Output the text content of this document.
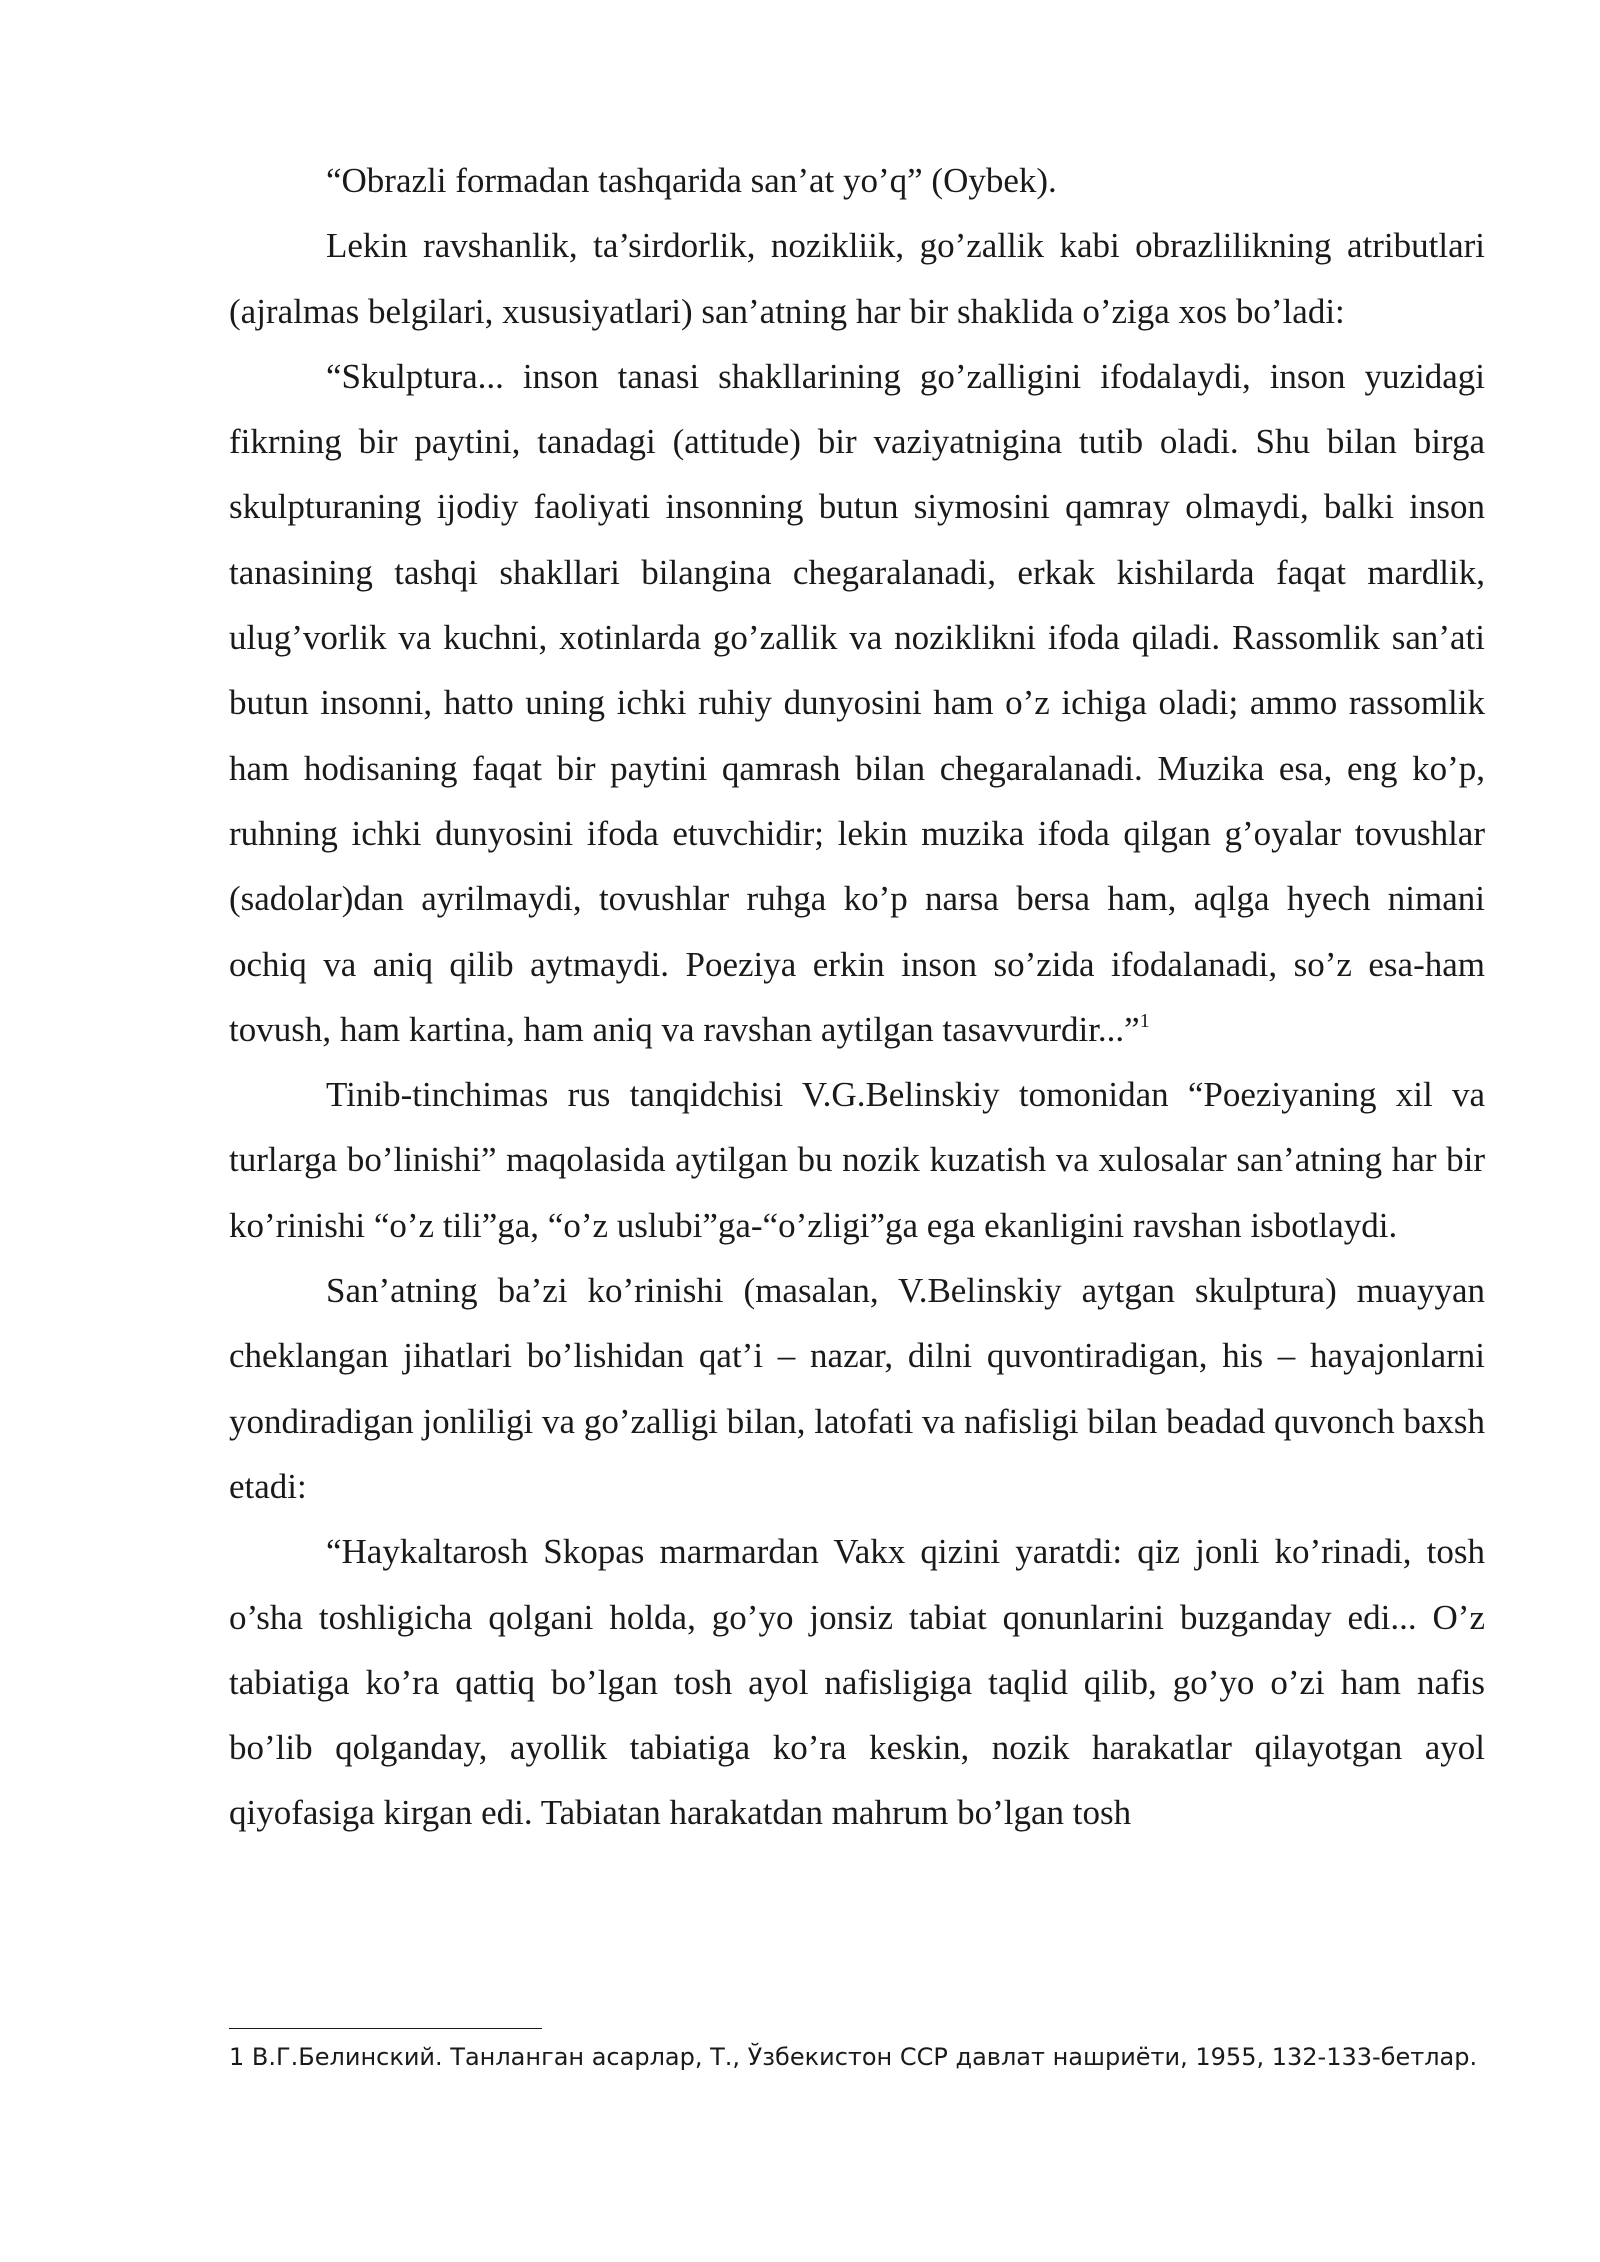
“Obrazli formadan tashqarida san’at yo’q” (Oybek).

Lekin ravshanlik, ta’sirdorlik, nozikliik, go’zallik kabi obrazlilikning atributlari (ajralmas belgilari, xususiyatlari) san’atning har bir shaklida o’ziga xos bo’ladi:

“Skulptura... inson tanasi shakllarining go’zalligini ifodalaydi, inson yuzidagi fikrning bir paytini, tanadagi (attitude) bir vaziyatnigina tutib oladi. Shu bilan birga skulpturaning ijodiy faoliyati insonning butun siymosini qamray olmaydi, balki inson tanasining tashqi shakllari bilangina chegaralanadi, erkak kishilarda faqat mardlik, ulug’vorlik va kuchni, xotinlarda go’zallik va noziklikni ifoda qiladi. Rassomlik san’ati butun insonni, hatto uning ichki ruhiy dunyosini ham o’z ichiga oladi; ammo rassomlik ham hodisaning faqat bir paytini qamrash bilan chegaralanadi. Muzika esa, eng ko’p, ruhning ichki dunyosini ifoda etuvchidir; lekin muzika ifoda qilgan g’oyalar tovushlar (sadolar)dan ayrilmaydi, tovushlar ruhga ko’p narsa bersa ham, aqlga hyech nimani ochiq va aniq qilib aytmaydi. Poeziya erkin inson so’zida ifodalanadi, so’z esa-ham tovush, ham kartina, ham aniq va ravshan aytilgan tasavvurdir...”$^1$

Tinib-tinchimas rus tanqidchisi V.G.Belinskiy tomonidan “Poeziyaning xil va turlarga bo’linishi” maqolasida aytilgan bu nozik kuzatish va xulosalar san’atning har bir ko’rinishi “o’z tili”ga, “o’z uslubi”ga-“o’zligi”ga ega ekanligini ravshan isbotlaydi.

San’atning ba’zi ko’rinishi (masalan, V.Belinskiy aytgan skulptura) muayyan cheklangan jihatlari bo’lishidan qat’i – nazar, dilni quvontiradigan, his – hayajonlarni yondiradigan jonliligi va go’zalligi bilan, latofati va nafisligi bilan beadad quvonch baxsh etadi:

“Haykaltarosh Skopas marmardan Vakx qizini yaratdi: qiz jonli ko’rinadi, tosh o’sha toshligicha qolgani holda, go’yo jonsiz tabiat qonunlarini buzganday edi... O’z tabiatiga ko’ra qattiq bo’lgan tosh ayol nafisligiga taqlid qilib, go’yo o’zi ham nafis bo’lib qolganday, ayollik tabiatiga ko’ra keskin, nozik harakatlar qilayotgan ayol qiyofasiga kirgan edi. Tabiatan harakatdan mahrum bo’lgan tosh

1 В.Г.Белинский. Танланган асарлар, Т., Ўзбекистон ССР давлат нашриёти, 1955, 132-133-бетлар.
